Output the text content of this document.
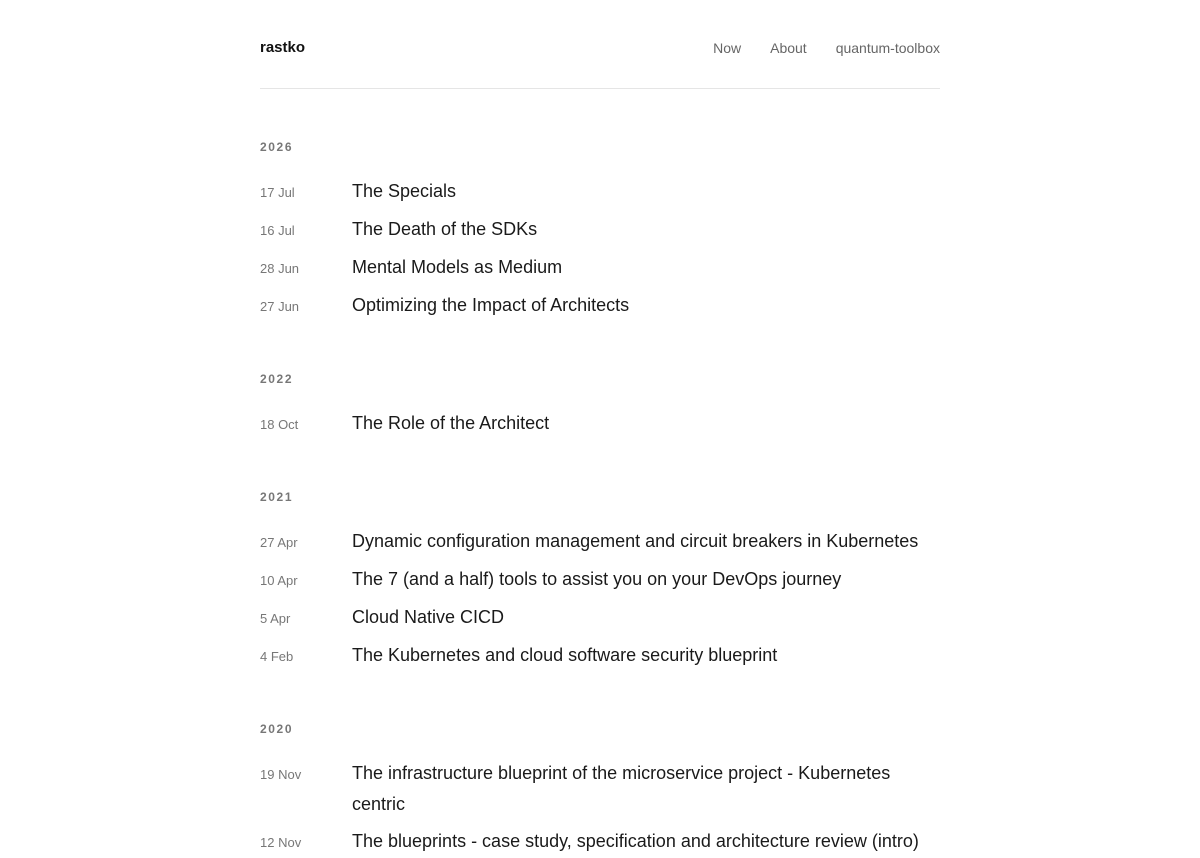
rastko	Now About quantum-toolbox
2026
17 Jul	The Specials
16 Jul	The Death of the SDKs
28 Jun	Mental Models as Medium
27 Jun	Optimizing the Impact of Architects
2022
18 Oct	The Role of the Architect
2021
27 Apr	Dynamic configuration management and circuit breakers in Kubernetes
10 Apr	The 7 (and a half) tools to assist you on your DevOps journey
5 Apr	Cloud Native CICD
4 Feb	The Kubernetes and cloud software security blueprint
2020
19 Nov	The infrastructure blueprint of the microservice project - Kubernetes centric
12 Nov	The blueprints - case study, specification and architecture review (intro)
